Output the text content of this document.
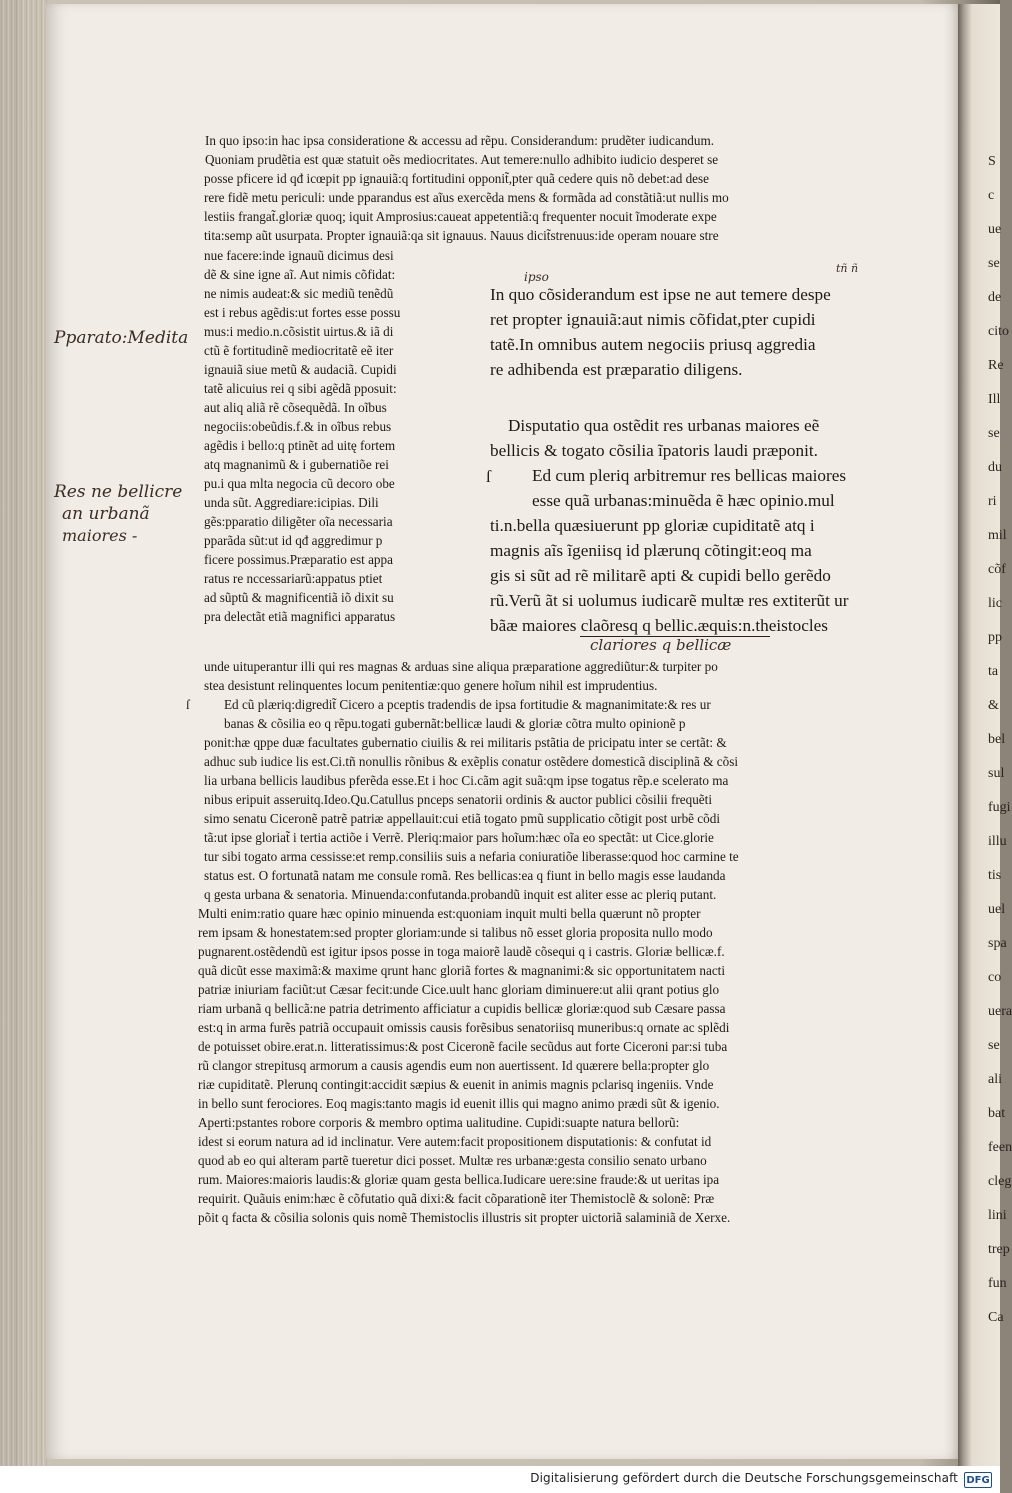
In quo ipso:in hac ipsa consideratione & accessu ad rẽpu. Considerandum: prudẽter iudicandum.
Quoniam prudẽtia est quæ statuit oẽs mediocritates. Aut temere:nullo adhibito iudicio desperet se
posse pficere id qđ icœpit pp ignauiã:q fortitudini opponit̃,pter quã cedere quis nõ debet:ad dese
rere fidẽ metu periculi: unde pparandus est aĩus exercẽda mens & formãda ad constãtiã:ut nullis mo
lestiis frangat̃.gloriæ quoq; iquit Amprosius:caueat appetentiã:q frequenter nocuit ĩmoderate expe
tita:semp aũt usurpata. Propter ignauiã:qa sit ignauus. Nauus dicit̃strenuus:ide operam nouare stre
nue facere:inde ignauũ dicimus desi
dẽ & sine igne aĩ. Aut nimis cõfidat:
ne nimis audeat:& sic mediũ tenẽdũ
est i rebus agẽdis:ut fortes esse possu
mus:i medio.n.cõsistit uirtus.& iã di
ctũ ẽ fortitudinẽ mediocritatẽ eẽ iter
ignauiã siue metũ & audaciã. Cupidi
tatẽ alicuius rei q sibi agẽdã pposuit:
aut aliq aliã rẽ cõsequẽdã. In oĩbus
negociis:obeũdis.f.& in oĩbus rebus
agẽdis i bello:q ptinẽt ad uitę fortem
atq magnanimũ & i gubernatiõe rei
pu.i qua mlta negocia cũ decoro obe
unda sũt. Aggrediare:icipias. Dili
gẽs:pparatio diligẽter oĩa necessaria
pparãda sũt:ut id qđ aggredimur p
ficere possimus.Præparatio est appa
ratus re nccessariarũ:appatus ptiet
ad sũptũ & magnificentiã iõ dixit su
pra delectãt etiã magnifici apparatus
In quo cõsiderandum est ipse ne aut temere despe
ret propter ignauiã:aut nimis cõfidat,pter cupidi
tatẽ.In omnibus autem negociis priusq aggredia
re adhibenda est præparatio diligens.
Disputatio qua ostẽdit res urbanas maiores eẽ
bellicis & togato cõsilia ĩpatoris laudi præponit.
ſ Ed cum pleriq arbitremur res bellicas maiores
esse quã urbanas:minuẽda ẽ hæc opinio.mul
ti.n.bella quæsiuerunt pp gloriæ cupiditatẽ atq i
magnis aĩs ĩgeniisq id plærunq cõtingit:eoq ma
gis si sũt ad rẽ militarẽ apti & cupidi bello gerẽdo
rũ.Verũ ãt si uolumus iudicarẽ multæ res extiterũt ur
bãæ maiores claõresq q bellic.æquis:n.theistocles
ipso
tñ ñ
clariores q bellicæ
Pparato:Medita
Res ne bellicre
an urbanã
maiores -
unde uituperantur illi qui res magnas & arduas sine aliqua præparatione aggrediũtur:& turpiter po
stea desistunt relinquentes locum penitentiæ:quo genere hoĩum nihil est imprudentius.
ſ	Ed cũ plæriq:digredit̃ Cicero a pceptis tradendis de ipsa fortitudie & magnanimitate:& res ur
banas & cõsilia eo q rẽpu.togati gubernãt:bellicæ laudi & gloriæ cõtra multo opinionẽ p
ponit:hæ qppe duæ facultates gubernatio ciuilis & rei militaris pstãtia de pricipatu inter se certãt: &
adhuc sub iudice lis est.Ci.tñ nonullis rõnibus & exẽplis conatur ostẽdere domesticã disciplinã & cõsi
lia urbana bellicis laudibus pferẽda esse.Et i hoc Ci.cãm agit suã:qm ipse togatus rẽp.e scelerato ma
nibus eripuit asseruitq.Ideo.Qu.Catullus pnceps senatorii ordinis & auctor publici cõsilii frequẽti
simo senatu Ciceronẽ patrẽ patriæ appellauit:cui etiã togato pmũ supplicatio cõtigit post urbẽ cõdi
tã:ut ipse gloriat̃ i tertia actiõe i Verrẽ. Pleriq:maior pars hoĩum:hæc oĩa eo spectãt: ut Cice.glorie
tur sibi togato arma cessisse:et remp.consiliis suis a nefaria coniuratiõe liberasse:quod hoc carmine te
status est. O fortunatã natam me consule romã. Res bellicas:ea q fiunt in bello magis esse laudanda
q gesta urbana & senatoria. Minuenda:confutanda.probandũ inquit est aliter esse ac pleriq putant.
Multi enim:ratio quare hæc opinio minuenda est:quoniam inquit multi bella quærunt nõ propter
rem ipsam & honestatem:sed propter gloriam:unde si talibus nõ esset gloria proposita nullo modo
pugnarent.ostẽdendũ est igitur ipsos posse in toga maiorẽ laudẽ cõsequi q i castris. Gloriæ bellicæ.f.
quã dicũt esse maximã:& maxime qrunt hanc gloriã fortes & magnanimi:& sic opportunitatem nacti
patriæ iniuriam faciũt:ut Cæsar fecit:unde Cice.uult hanc gloriam diminuere:ut alii qrant potius glo
riam urbanã q bellicã:ne patria detrimento afficiatur a cupidis bellicæ gloriæ:quod sub Cæsare passa
est:q in arma furẽs patriã occupauit omissis causis forẽsibus senatoriisq muneribus:q ornate ac splẽdi
de potuisset obire.erat.n. litteratissimus:& post Ciceronẽ facile secũdus aut forte Ciceroni par:si tuba
rũ clangor strepitusq armorum a causis agendis eum non auertissent. Id quærere bella:propter glo
riæ cupiditatẽ. Plerunq contingit:accidit sæpius & euenit in animis magnis pclarisq ingeniis. Vnde
in bello sunt ferociores. Eoq magis:tanto magis id euenit illis qui magno animo prædi sũt & igenio.
Aperti:pstantes robore corporis & membro optima ualitudine. Cupidi:suapte natura bellorũ:
idest si eorum natura ad id inclinatur. Vere autem:facit propositionem disputationis: & confutat id
quod ab eo qui alteram partẽ tueretur dici posset. Multæ res urbanæ:gesta consilio senato urbano
rum. Maiores:maioris laudis:& gloriæ quam gesta bellica.Iudicare uere:sine fraude:& ut ueritas ipa
requirit. Quãuis enim:hæc ẽ cõfutatio quã dixi:& facit cõparationẽ iter Themistoclẽ & solonẽ: Præ
põit q facta & cõsilia solonis quis nomẽ Themistoclis illustris sit propter uictoriã salaminiã de Xerxe.
S
c
ue
se
de
cito
Re
Ill
se
du
ri
mil
cõf
lic
pp
ta
&
bel
sul
fugi
illu
tis
uel
spa
co
uera
se
ali
bat
feen
cleg
lini
trep
fun
Ca
Digitalisierung gefördert durch die Deutsche Forschungsgemeinschaft DFG
